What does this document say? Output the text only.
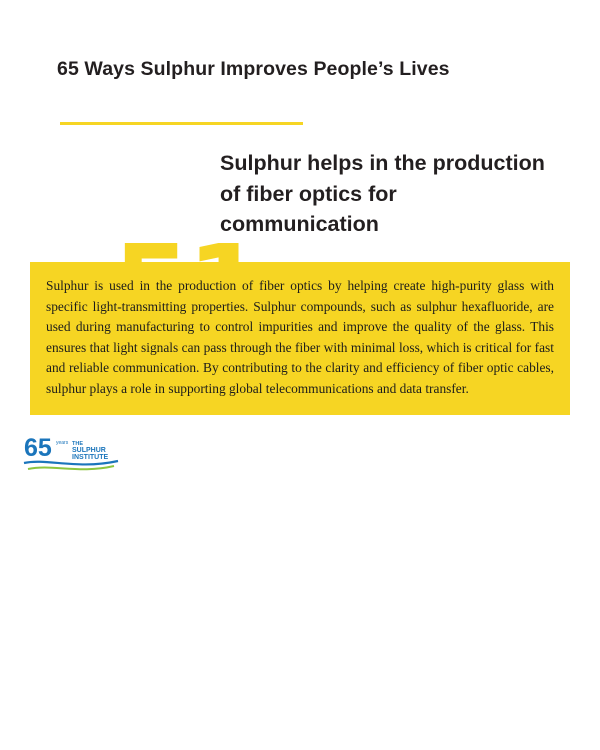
65 Ways Sulphur Improves People’s Lives
Sulphur helps in the production of fiber optics for communication

Sulphur is used in the production of fiber optics by helping create high-purity glass with specific light-transmitting properties. Sulphur compounds, such as sulphur hexafluoride, are used during manufacturing to control impurities and improve the quality of the glass. This ensures that light signals can pass through the fiber with minimal loss, which is critical for fast and reliable communication. By contributing to the clarity and efficiency of fiber optic cables, sulphur plays a role in supporting global telecommunications and data transfer.

65 years THE
SULPHUR
INSTITUTE
